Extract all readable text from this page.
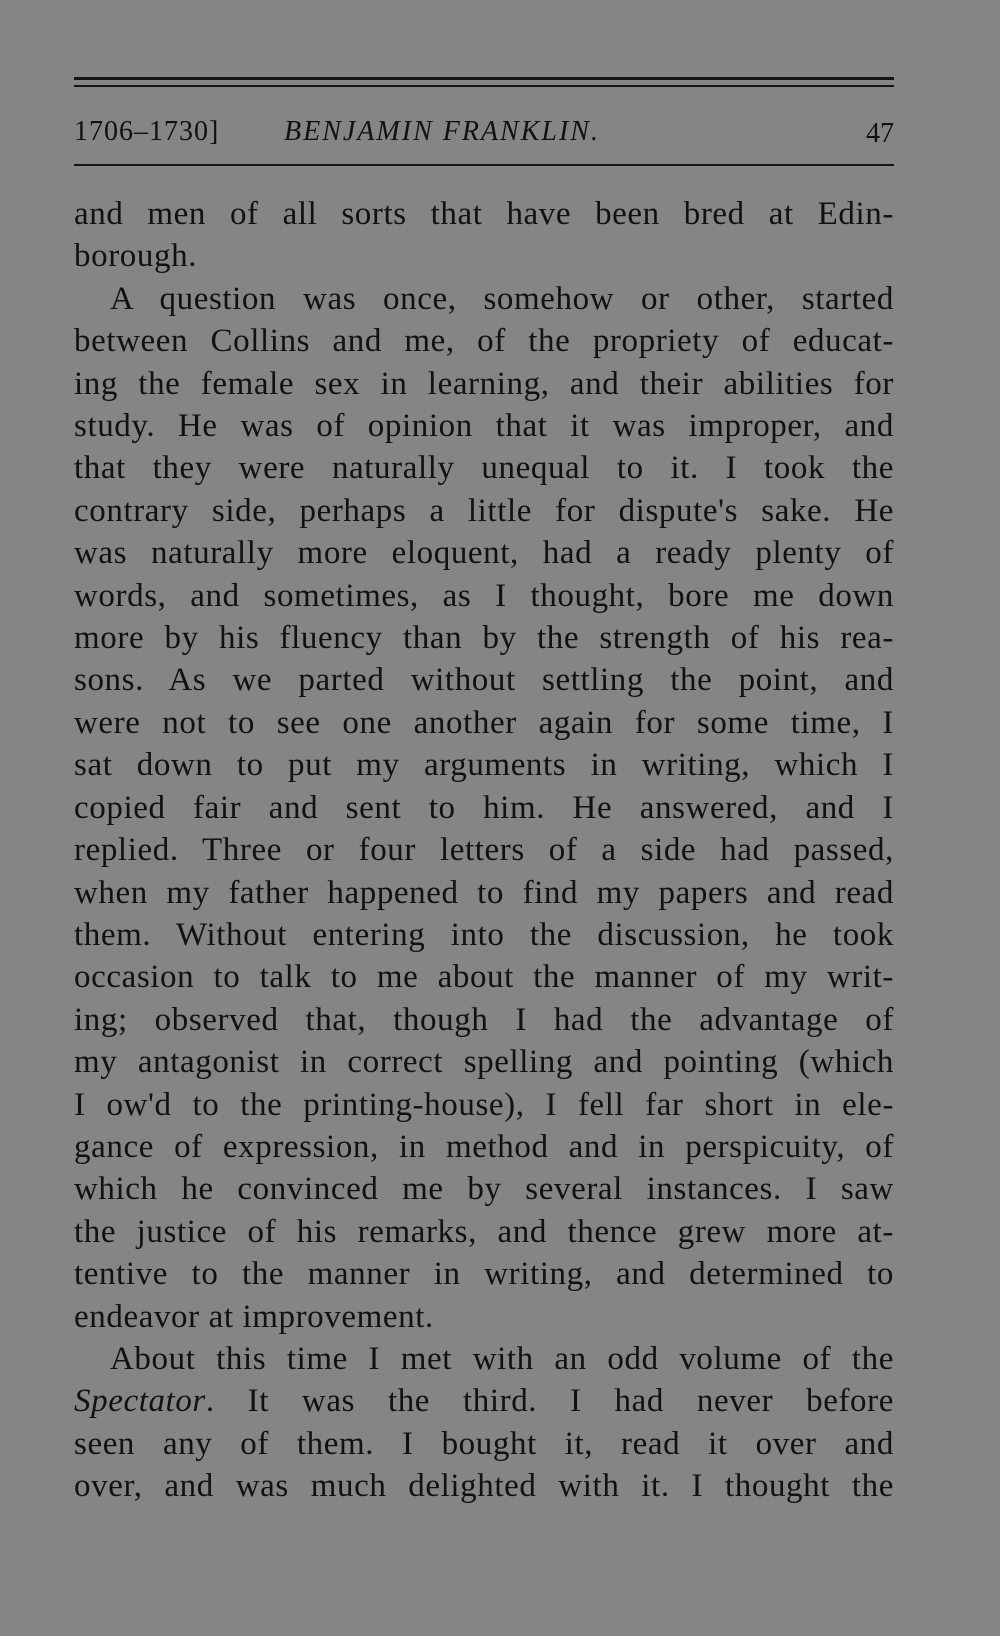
1706–1730] BENJAMIN FRANKLIN.	47
and men of all sorts that have been bred at Edin-
borough.
A question was once, somehow or other, started
between Collins and me, of the propriety of educat-
ing the female sex in learning, and their abilities for
study. He was of opinion that it was improper, and
that they were naturally unequal to it. I took the
contrary side, perhaps a little for dispute's sake. He
was naturally more eloquent, had a ready plenty of
words, and sometimes, as I thought, bore me down
more by his fluency than by the strength of his rea-
sons. As we parted without settling the point, and
were not to see one another again for some time, I
sat down to put my arguments in writing, which I
copied fair and sent to him. He answered, and I
replied. Three or four letters of a side had passed,
when my father happened to find my papers and read
them. Without entering into the discussion, he took
occasion to talk to me about the manner of my writ-
ing; observed that, though I had the advantage of
my antagonist in correct spelling and pointing (which
I ow'd to the printing-house), I fell far short in ele-
gance of expression, in method and in perspicuity, of
which he convinced me by several instances. I saw
the justice of his remarks, and thence grew more at-
tentive to the manner in writing, and determined to
endeavor at improvement.
About this time I met with an odd volume of the
Spectator. It was the third. I had never before
seen any of them. I bought it, read it over and
over, and was much delighted with it. I thought the
